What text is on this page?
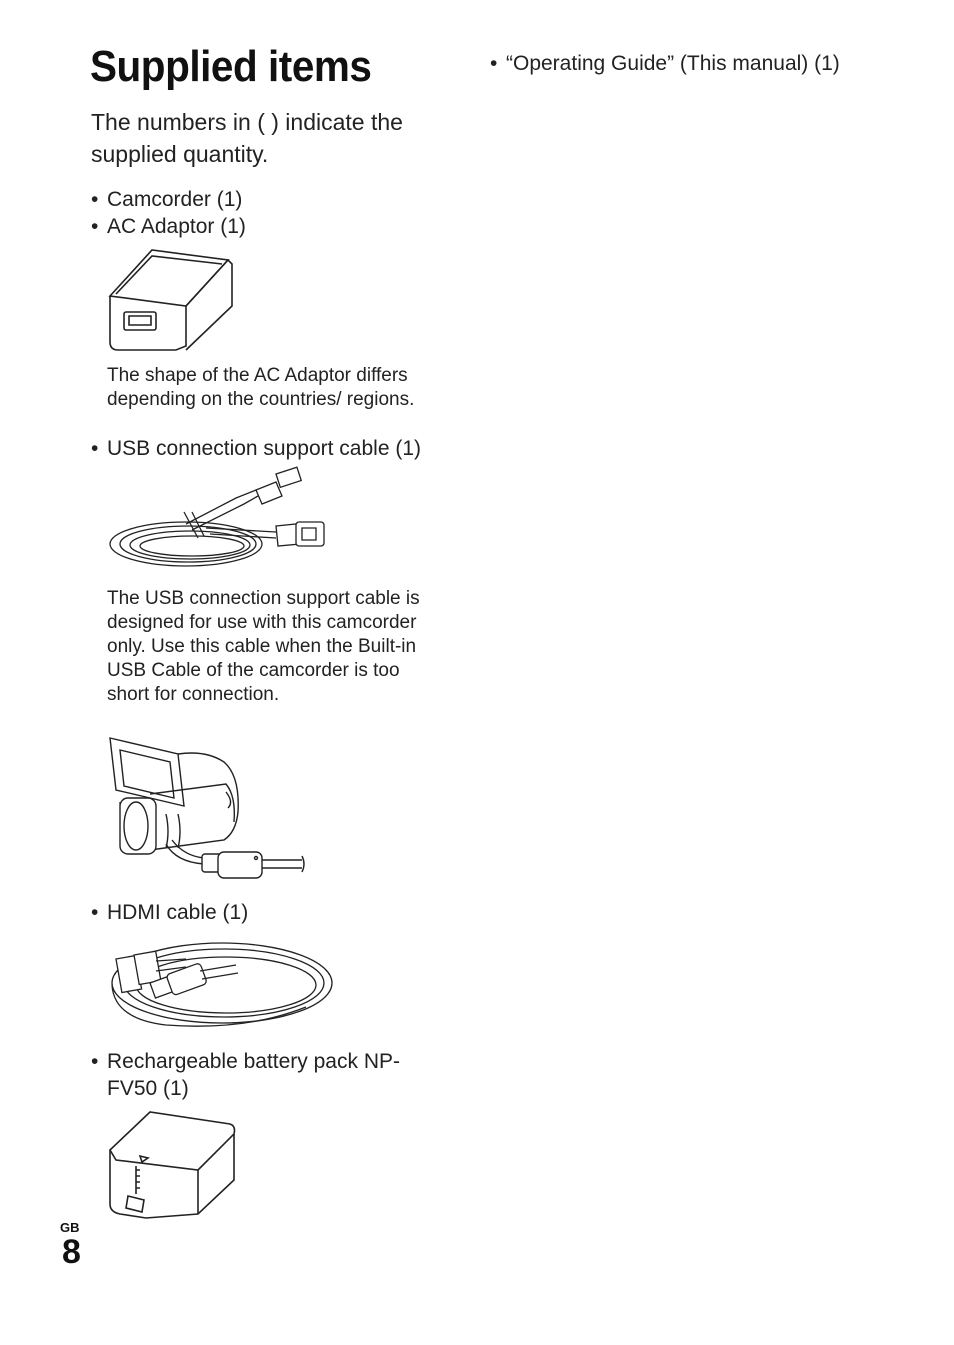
Supplied items
The numbers in ( ) indicate the supplied quantity.
• Camcorder (1)
• AC Adaptor (1)
The shape of the AC Adaptor differs depending on the countries/ regions.
• USB connection support cable (1)
The USB connection support cable is designed for use with this camcorder only. Use this cable when the Built-in USB Cable of the camcorder is too short for connection.
• HDMI cable (1)
• Rechargeable battery pack NP-FV50 (1)
• “Operating Guide” (This manual) (1)
GB
8
